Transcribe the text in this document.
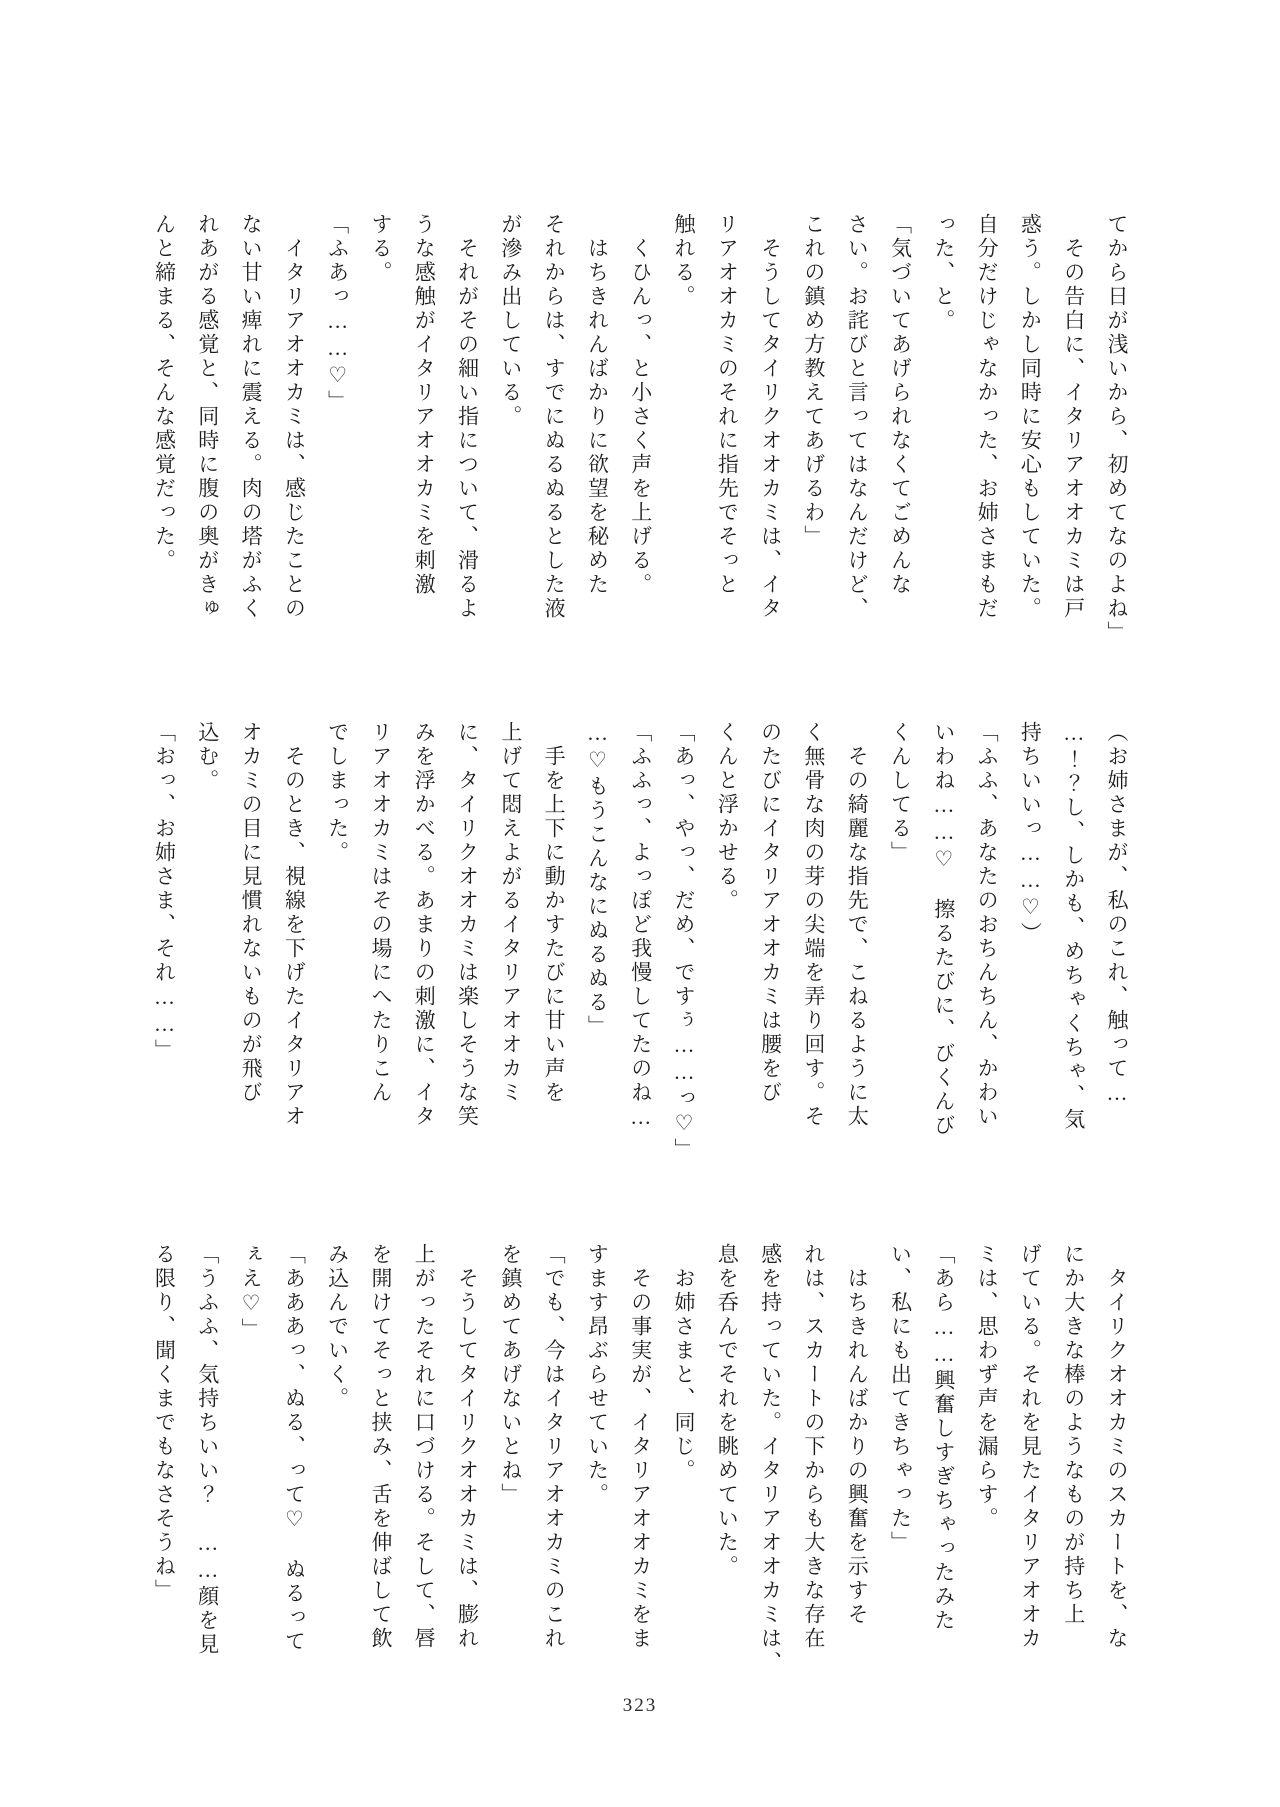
てから日が浅いから、初めてなのよね」

　その告白に、イタリアオオカミは戸
惑う。しかし同時に安心もしていた。
自分だけじゃなかった、お姉さまもだ
った、と。

「気づいてあげられなくてごめんな
さい。お詫びと言ってはなんだけど、
これの鎮め方教えてあげるわ」

　そうしてタイリクオオカミは、イタ
リアオオカミのそれに指先でそっと
触れる。

　くひんっ、と小さく声を上げる。

　はちきれんばかりに欲望を秘めた
それからは、すでにぬるぬるとした液
が滲み出している。

　それがその細い指について、滑るよ
うな感触がイタリアオオカミを刺激
する。

「ふあっ……♡」

　イタリアオオカミは、感じたことの
ない甘い痺れに震える。肉の塔がふく
れあがる感覚と、同時に腹の奥がきゅ
んと締まる、そんな感覚だった。

（お姉さまが、私のこれ、触って…
…！？し、しかも、めちゃくちゃ、気
持ちいいっ……♡）

「ふふ、あなたのおちんちん、かわい
いわね……♡　擦るたびに、びくんび
くんしてる」

　その綺麗な指先で、こねるように太
く無骨な肉の芽の尖端を弄り回す。そ
のたびにイタリアオオカミは腰をび
くんと浮かせる。

「あっ、やっ、だめ、ですぅ……っ♡」

「ふふっ、よっぽど我慢してたのね…
…♡もうこんなにぬるぬる」

　手を上下に動かすたびに甘い声を
上げて悶えよがるイタリアオオカミ
に、タイリクオオカミは楽しそうな笑
みを浮かべる。あまりの刺激に、イタ
リアオオカミはその場にへたりこん
でしまった。

　そのとき、視線を下げたイタリアオ
オカミの目に見慣れないものが飛び
込む。

「おっ、お姉さま、それ……」

　タイリクオオカミのスカートを、な
にか大きな棒のようなものが持ち上
げている。それを見たイタリアオオカ
ミは、思わず声を漏らす。

「あら……興奮しすぎちゃったみた
い、私にも出てきちゃった」

　はちきれんばかりの興奮を示すそ
れは、スカートの下からも大きな存在
感を持っていた。イタリアオオカミは、
息を呑んでそれを眺めていた。

　お姉さまと、同じ。

　その事実が、イタリアオオカミをま
すます昂ぶらせていた。

「でも、今はイタリアオオカミのこれ
を鎮めてあげないとね」

　そうしてタイリクオオカミは、膨れ
上がったそれに口づける。そして、唇
を開けてそっと挟み、舌を伸ばして飲
み込んでいく。

「あああっ、ぬる、って♡　ぬるって
ぇえ♡」

「うふふ、気持ちいい？　……顔を見
る限り、聞くまでもなさそうね」

323
